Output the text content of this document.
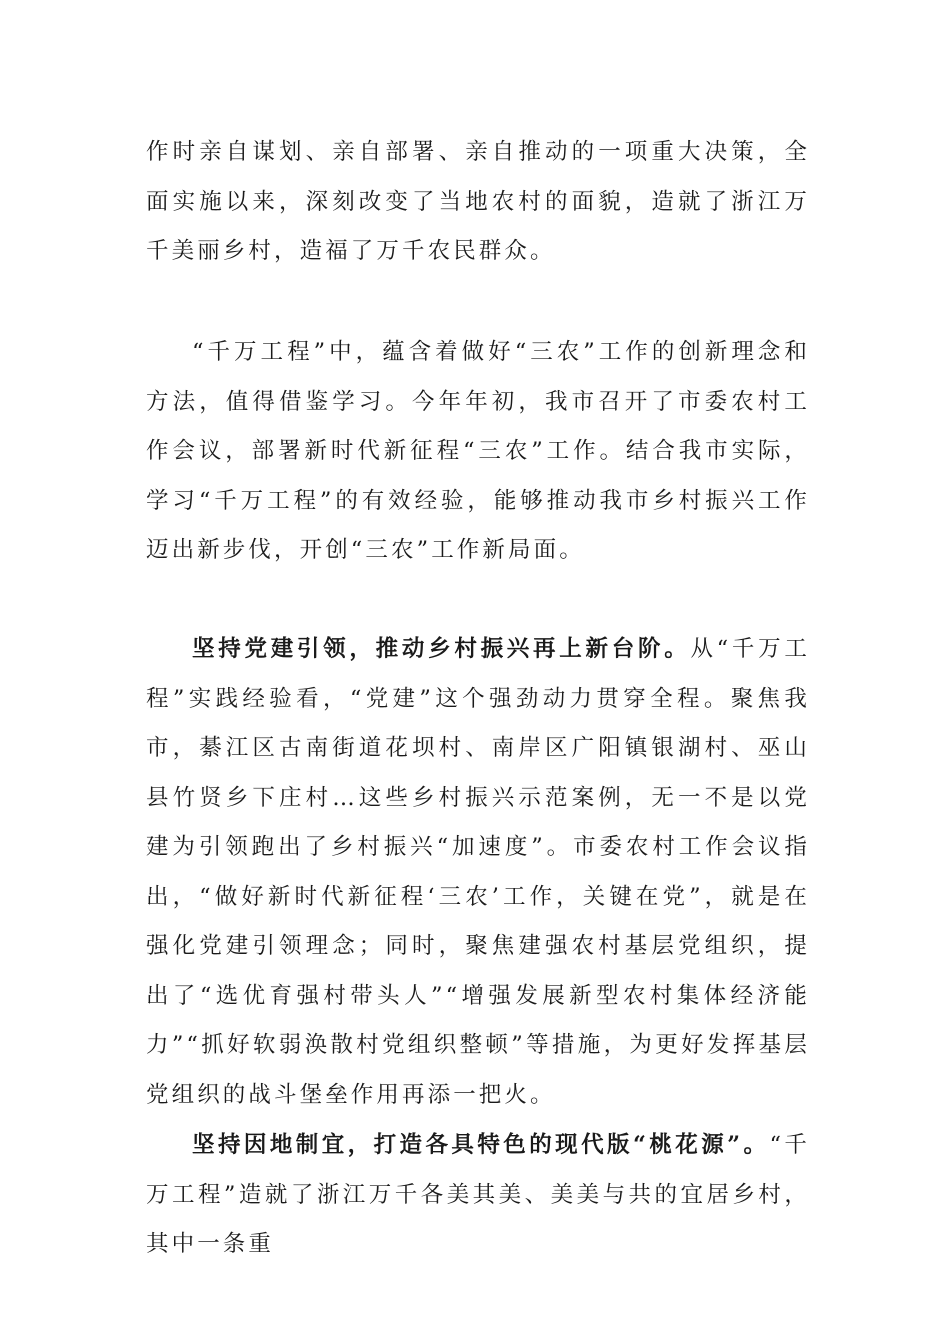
作时亲自谋划、亲自部署、亲自推动的一项重大决策，全面实施以来，深刻改变了当地农村的面貌，造就了浙江万千美丽乡村，造福了万千农民群众。

“千万工程”中，蕴含着做好“三农”工作的创新理念和方法，值得借鉴学习。今年年初，我市召开了市委农村工作会议，部署新时代新征程“三农”工作。结合我市实际，学习“千万工程”的有效经验，能够推动我市乡村振兴工作迈出新步伐，开创“三农”工作新局面。

坚持党建引领，推动乡村振兴再上新台阶。从“千万工程”实践经验看，“党建”这个强劲动力贯穿全程。聚焦我市，綦江区古南街道花坝村、南岸区广阳镇银湖村、巫山县竹贤乡下庄村…这些乡村振兴示范案例，无一不是以党建为引领跑出了乡村振兴“加速度”。市委农村工作会议指出，“做好新时代新征程‘三农’工作，关键在党”，就是在强化党建引领理念；同时，聚焦建强农村基层党组织，提出了“选优育强村带头人”“增强发展新型农村集体经济能力”“抓好软弱涣散村党组织整顿”等措施，为更好发挥基层党组织的战斗堡垒作用再添一把火。

坚持因地制宜，打造各具特色的现代版“桃花源”。“千万工程”造就了浙江万千各美其美、美美与共的宜居乡村，其中一条重
